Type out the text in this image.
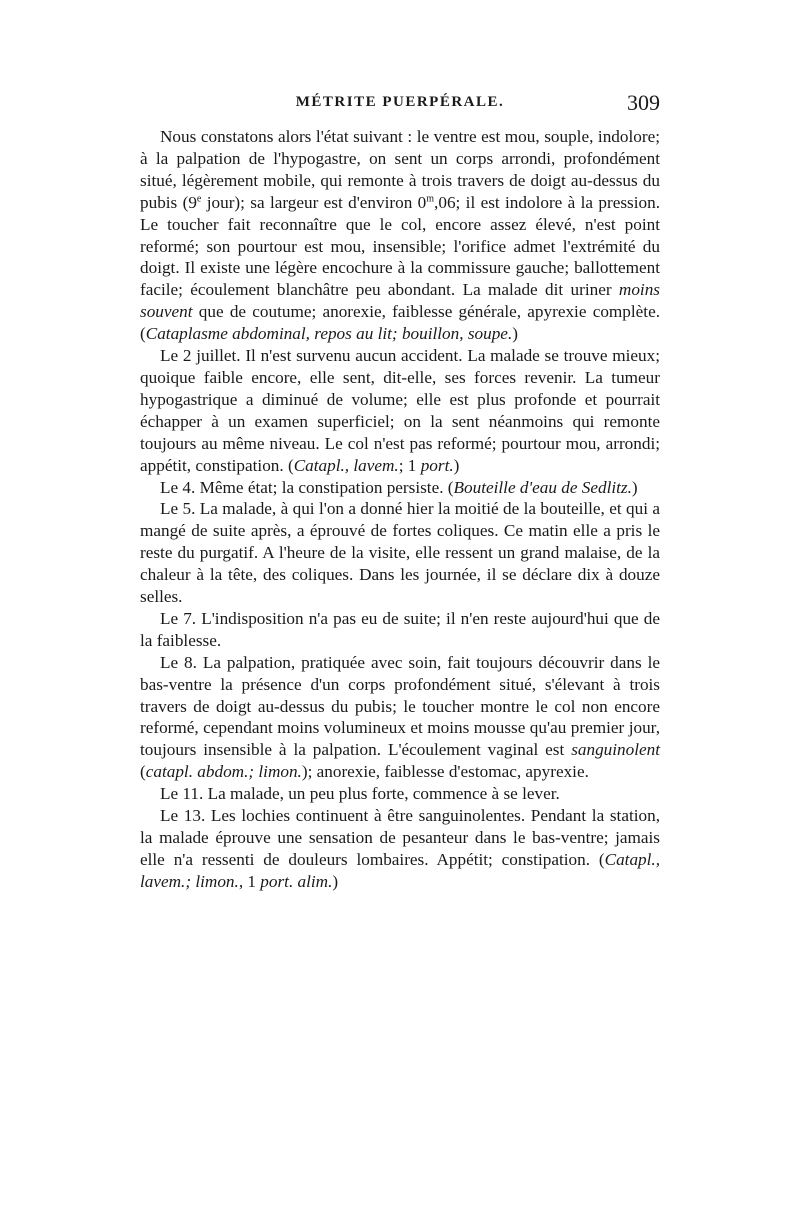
MÉTRITE PUERPÉRALE.	309

Nous constatons alors l'état suivant : le ventre est mou, souple, indolore; à la palpation de l'hypogastre, on sent un corps arrondi, profondément situé, légèrement mobile, qui remonte à trois travers de doigt au-dessus du pubis (9e jour); sa largeur est d'environ 0$^m$,06; il est indolore à la pression. Le toucher fait reconnaître que le col, encore assez élevé, n'est point reformé; son pourtour est mou, insensible; l'orifice admet l'extrémité du doigt. Il existe une légère encochure à la commissure gauche; ballottement facile; écoulement blanchâtre peu abondant. La malade dit uriner moins souvent que de coutume; anorexie, faiblesse générale, apyrexie complète. (Cataplasme abdominal, repos au lit; bouillon, soupe.)

Le 2 juillet. Il n'est survenu aucun accident. La malade se trouve mieux; quoique faible encore, elle sent, dit-elle, ses forces revenir. La tumeur hypogastrique a diminué de volume; elle est plus profonde et pourrait échapper à un examen superficiel; on la sent néanmoins qui remonte toujours au même niveau. Le col n'est pas reformé; pourtour mou, arrondi; appétit, constipation. (Catapl., lavem.; 1 port.)

Le 4. Même état; la constipation persiste. (Bouteille d'eau de Sedlitz.)

Le 5. La malade, à qui l'on a donné hier la moitié de la bouteille, et qui a mangé de suite après, a éprouvé de fortes coliques. Ce matin elle a pris le reste du purgatif. A l'heure de la visite, elle ressent un grand malaise, de la chaleur à la tête, des coliques. Dans les journée, il se déclare dix à douze selles.

Le 7. L'indisposition n'a pas eu de suite; il n'en reste aujourd'hui que de la faiblesse.

Le 8. La palpation, pratiquée avec soin, fait toujours découvrir dans le bas-ventre la présence d'un corps profondément situé, s'élevant à trois travers de doigt au-dessus du pubis; le toucher montre le col non encore reformé, cependant moins volumineux et moins mousse qu'au premier jour, toujours insensible à la palpation. L'écoulement vaginal est sanguinolent (catapl. abdom.; limon.); anorexie, faiblesse d'estomac, apyrexie.

Le 11. La malade, un peu plus forte, commence à se lever.

Le 13. Les lochies continuent à être sanguinolentes. Pendant la station, la malade éprouve une sensation de pesanteur dans le bas-ventre; jamais elle n'a ressenti de douleurs lombaires. Appétit; constipation. (Catapl., lavem.; limon., 1 port. alim.)
